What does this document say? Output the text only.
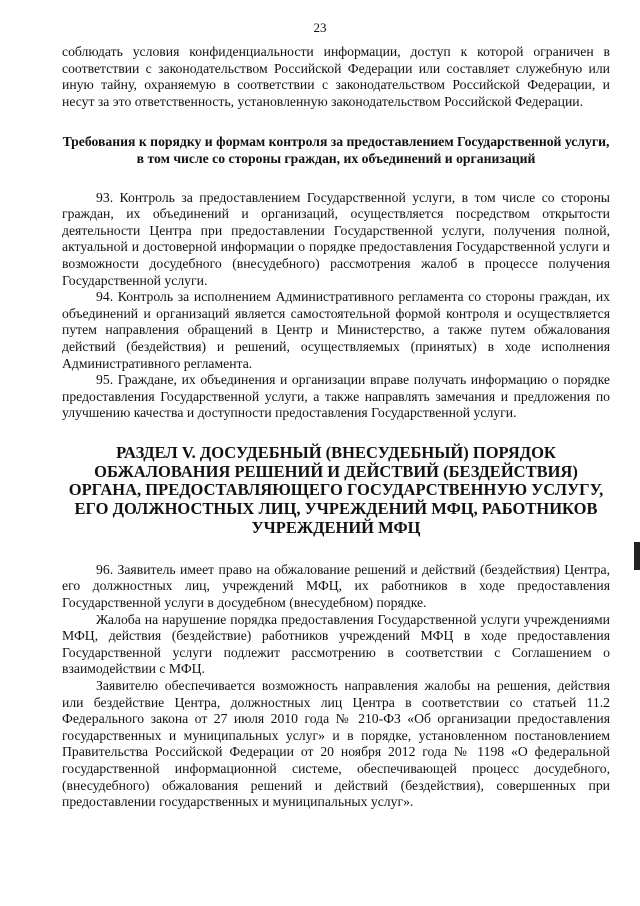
23

соблюдать условия конфиденциальности информации, доступ к которой ограничен в соответствии с законодательством Российской Федерации или составляет служебную или иную тайну, охраняемую в соответствии с законодательством Российской Федерации, и несут за это ответственность, установленную законодательством Российской Федерации.

Требования к порядку и формам контроля за предоставлением Государственной услуги, в том числе со стороны граждан, их объединений и организаций

93. Контроль за предоставлением Государственной услуги, в том числе со стороны граждан, их объединений и организаций, осуществляется посредством открытости деятельности Центра при предоставлении Государственной услуги, получения полной, актуальной и достоверной информации о порядке предоставления Государственной услуги и возможности досудебного (внесудебного) рассмотрения жалоб в процессе получения Государственной услуги.

94. Контроль за исполнением Административного регламента со стороны граждан, их объединений и организаций является самостоятельной формой контроля и осуществляется путем направления обращений в Центр и Министерство, а также путем обжалования действий (бездействия) и решений, осуществляемых (принятых) в ходе исполнения Административного регламента.

95. Граждане, их объединения и организации вправе получать информацию о порядке предоставления Государственной услуги, а также направлять замечания и предложения по улучшению качества и доступности предоставления Государственной услуги.

РАЗДЕЛ V. ДОСУДЕБНЫЙ (ВНЕСУДЕБНЫЙ) ПОРЯДОК ОБЖАЛОВАНИЯ РЕШЕНИЙ И ДЕЙСТВИЙ (БЕЗДЕЙСТВИЯ) ОРГАНА, ПРЕДОСТАВЛЯЮЩЕГО ГОСУДАРСТВЕННУЮ УСЛУГУ, ЕГО ДОЛЖНОСТНЫХ ЛИЦ, УЧРЕЖДЕНИЙ МФЦ, РАБОТНИКОВ УЧРЕЖДЕНИЙ МФЦ

96. Заявитель имеет право на обжалование решений и действий (бездействия) Центра, его должностных лиц, учреждений МФЦ, их работников в ходе предоставления Государственной услуги в досудебном (внесудебном) порядке.

Жалоба на нарушение порядка предоставления Государственной услуги учреждениями МФЦ, действия (бездействие) работников учреждений МФЦ в ходе предоставления Государственной услуги подлежит рассмотрению в соответствии с Соглашением о взаимодействии с МФЦ.

Заявителю обеспечивается возможность направления жалобы на решения, действия или бездействие Центра, должностных лиц Центра в соответствии со статьей 11.2 Федерального закона от 27 июля 2010 года № 210-ФЗ «Об организации предоставления государственных и муниципальных услуг» и в порядке, установленном постановлением Правительства Российской Федерации от 20 ноября 2012 года № 1198 «О федеральной государственной информационной системе, обеспечивающей процесс досудебного, (внесудебного) обжалования решений и действий (бездействия), совершенных при предоставлении государственных и муниципальных услуг».
